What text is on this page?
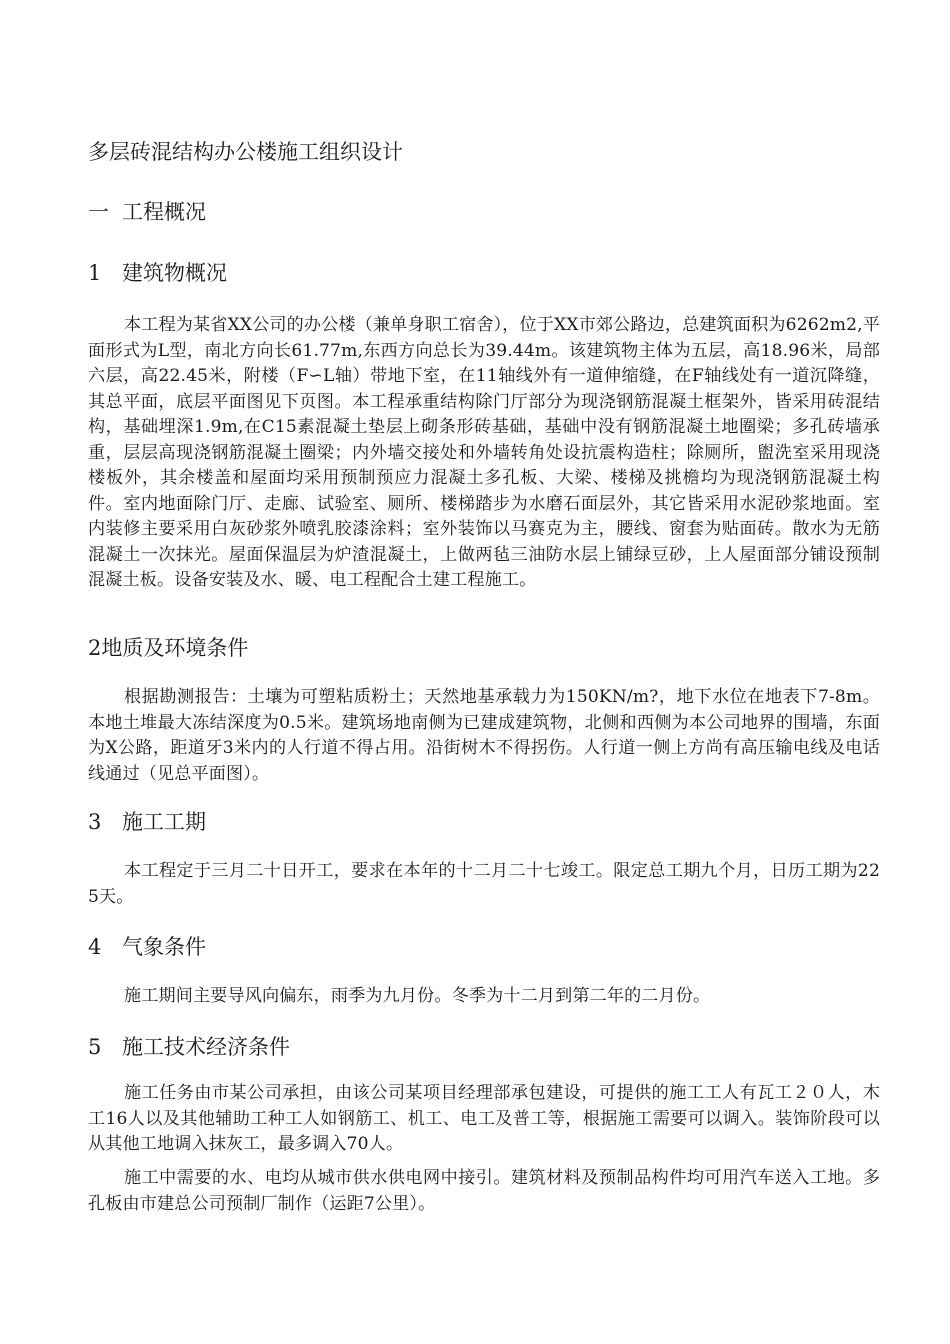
多层砖混结构办公楼施工组织设计
一 工程概况
1 建筑物概况

本工程为某省XX公司的办公楼（兼单身职工宿舍），位于XX市郊公路边，总建筑面积为6262m2,平面形式为L型，南北方向长61.77m,东西方向总长为39.44m。该建筑物主体为五层，高18.96米，局部六层，高22.45米，附楼（F∽L轴）带地下室，在11轴线外有一道伸缩缝，在F轴线处有一道沉降缝，其总平面，底层平面图见下页图。本工程承重结构除门厅部分为现浇钢筋混凝土框架外，皆采用砖混结构，基础埋深1.9m,在C15素混凝土垫层上砌条形砖基础，基础中没有钢筋混凝土地圈梁；多孔砖墙承重，层层高现浇钢筋混凝土圈梁；内外墙交接处和外墙转角处设抗震构造柱；除厕所，盥洗室采用现浇楼板外，其余楼盖和屋面均采用预制预应力混凝土多孔板、大梁、楼梯及挑檐均为现浇钢筋混凝土构件。室内地面除门厅、走廊、试验室、厕所、楼梯踏步为水磨石面层外，其它皆采用水泥砂浆地面。室内装修主要采用白灰砂浆外喷乳胶漆涂料；室外装饰以马赛克为主，腰线、窗套为贴面砖。散水为无筋混凝土一次抹光。屋面保温层为炉渣混凝土，上做两毡三油防水层上铺绿豆砂，上人屋面部分铺设预制混凝土板。设备安装及水、暖、电工程配合土建工程施工。

2地质及环境条件

根据勘测报告：土壤为可塑粘质粉土；天然地基承载力为150KN/m?，地下水位在地表下7-8m。本地土堆最大冻结深度为0.5米。建筑场地南侧为已建成建筑物，北侧和西侧为本公司地界的围墙，东面为X公路，距道牙3米内的人行道不得占用。沿街树木不得拐伤。人行道一侧上方尚有高压输电线及电话线通过（见总平面图）。

3 施工工期

本工程定于三月二十日开工，要求在本年的十二月二十七竣工。限定总工期九个月，日历工期为225天。

4 气象条件

施工期间主要导风向偏东，雨季为九月份。冬季为十二月到第二年的二月份。

5 施工技术经济条件

施工任务由市某公司承担，由该公司某项目经理部承包建设，可提供的施工工人有瓦工２０人，木工16人以及其他辅助工种工人如钢筋工、机工、电工及普工等，根据施工需要可以调入。装饰阶段可以从其他工地调入抹灰工，最多调入70人。

施工中需要的水、电均从城市供水供电网中接引。建筑材料及预制品构件均可用汽车送入工地。多孔板由市建总公司预制厂制作（运距7公里）。
